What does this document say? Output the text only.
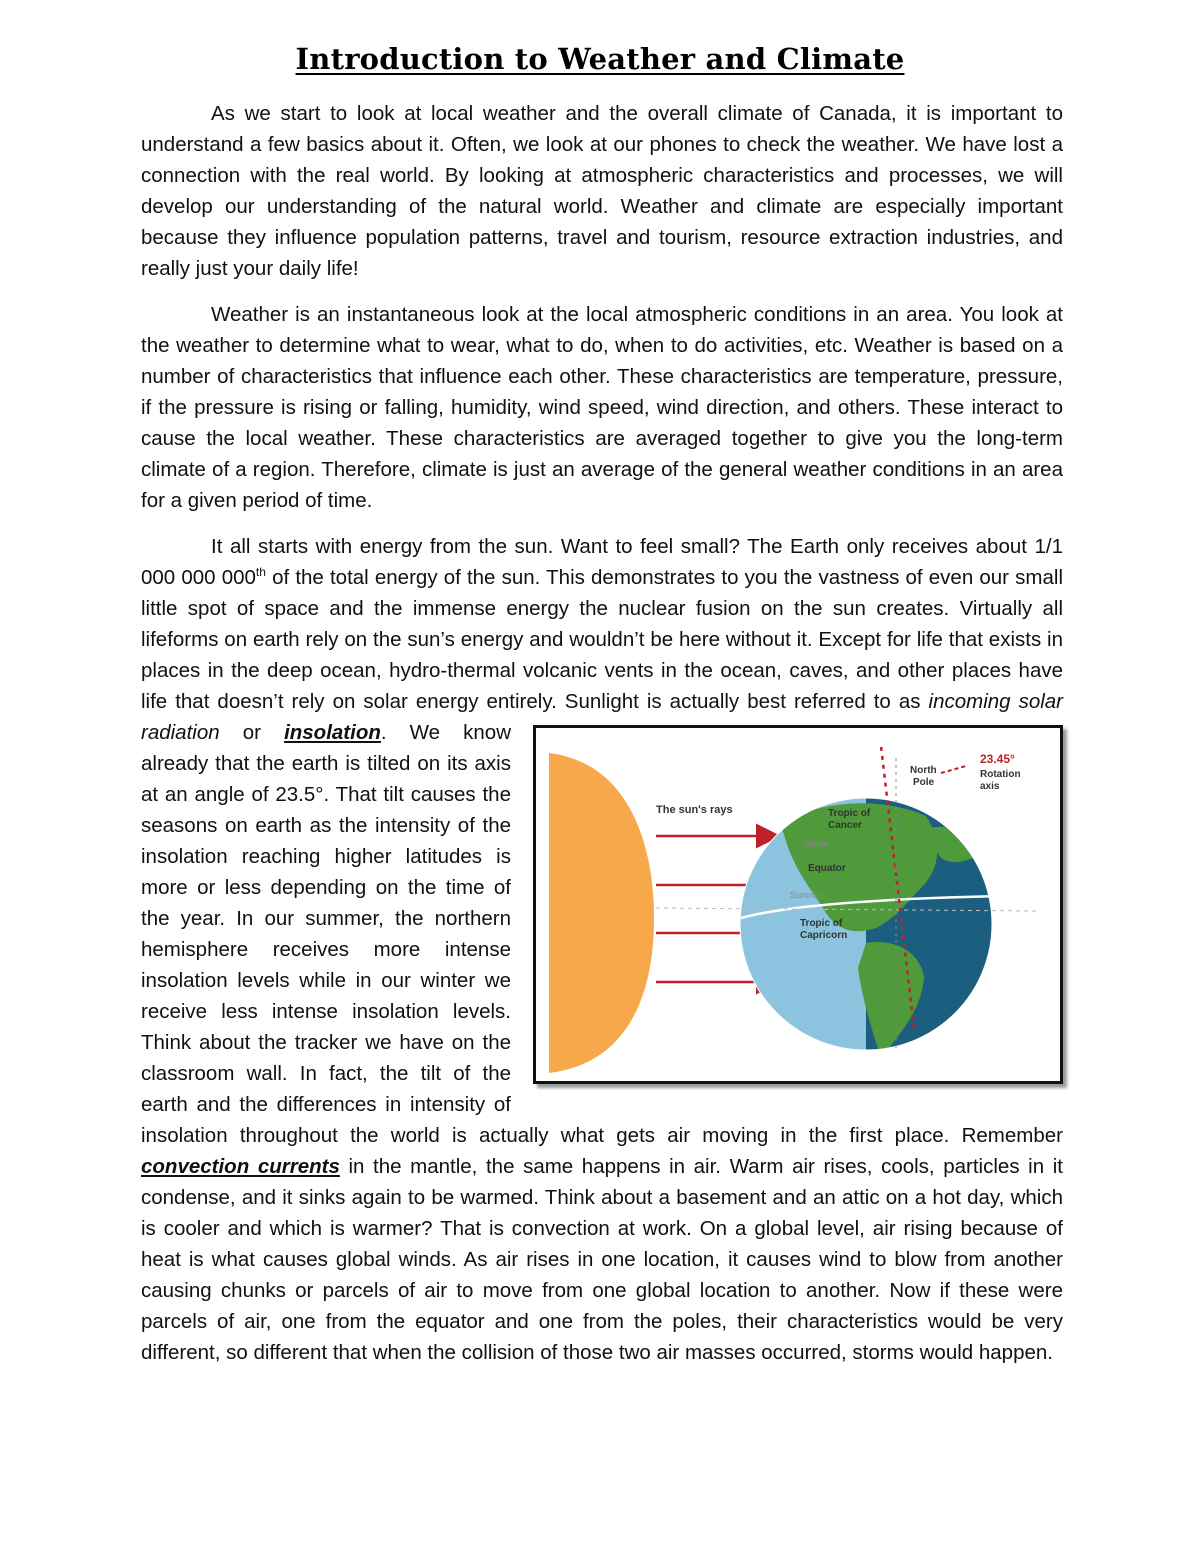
Introduction to Weather and Climate

As we start to look at local weather and the overall climate of Canada, it is important to understand a few basics about it. Often, we look at our phones to check the weather. We have lost a connection with the real world. By looking at atmospheric characteristics and processes, we will develop our understanding of the natural world. Weather and climate are especially important because they influence population patterns, travel and tourism, resource extraction industries, and really just your daily life!

Weather is an instantaneous look at the local atmospheric conditions in an area. You look at the weather to determine what to wear, what to do, when to do activities, etc. Weather is based on a number of characteristics that influence each other. These characteristics are temperature, pressure, if the pressure is rising or falling, humidity, wind speed, wind direction, and others. These interact to cause the local weather. These characteristics are averaged together to give you the long-term climate of a region. Therefore, climate is just an average of the general weather conditions in an area for a given period of time.

It all starts with energy from the sun. Want to feel small? The Earth only receives about 1/1 000 000 000th of the total energy of the sun. This demonstrates to you the vastness of even our small little spot of space and the immense energy the nuclear fusion on the sun creates. Virtually all lifeforms on earth rely on the sun’s energy and wouldn’t be here without it. Except for life that exists in places in the deep ocean, hydro-thermal volcanic vents in the ocean, caves, and other places have life that doesn’t rely on solar energy entirely. Sunlight is actually best referred to as incoming solar radiation or insolation
The sun's rays
North
Pole
23.45°
Rotation
axis
Tropic of
Cancer
Winter
Equator
Summer
Tropic of
Capricorn
. We know already that the earth is tilted on its axis at an angle of 23.5°. That tilt causes the seasons on earth as the intensity of the insolation reaching higher latitudes is more or less depending on the time of the year. In our summer, the northern hemisphere receives more intense insolation levels while in our winter we receive less intense insolation levels. Think about the tracker we have on the classroom wall. In fact, the tilt of the earth and the differences in intensity of insolation throughout the world is actually what gets air moving in the first place. Remember convection currents in the mantle, the same happens in air. Warm air rises, cools, particles in it condense, and it sinks again to be warmed. Think about a basement and an attic on a hot day, which is cooler and which is warmer? That is convection at work. On a global level, air rising because of heat is what causes global winds. As air rises in one location, it causes wind to blow from another causing chunks or parcels of air to move from one global location to another. Now if these were parcels of air, one from the equator and one from the poles, their characteristics would be very different, so different that when the collision of those two air masses occurred, storms would happen.
